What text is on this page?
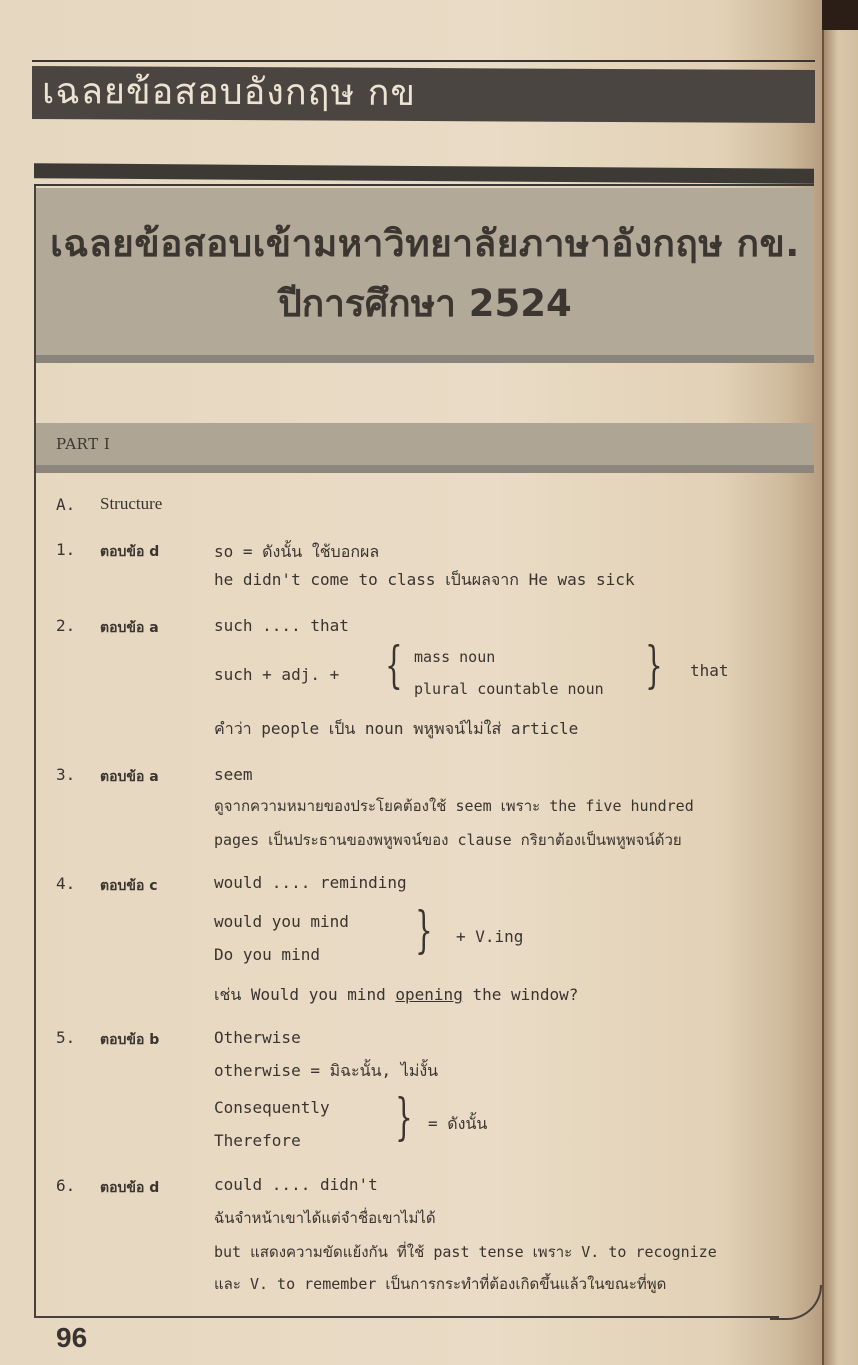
เฉลยข้อสอบอังกฤษ กข
เฉลยข้อสอบเข้ามหาวิทยาลัยภาษาอังกฤษ กข.
ปีการศึกษา 2524
PART I
A. Structure
1. ตอบข้อ d	so = ดังนั้น ใช้บอกผล
he didn't come to class เป็นผลจาก He was sick
2. ตอบข้อ a	such .... that
such + adj. + { mass noun
plural countable noun } that
คำว่า people เป็น noun พหูพจน์ไม่ใส่ article
3. ตอบข้อ a	seem
ดูจากความหมายของประโยคต้องใช้ seem เพราะ the five hundred
pages เป็นประธานของพหูพจน์ของ clause กริยาต้องเป็นพหูพจน์ด้วย
4. ตอบข้อ c	would .... reminding
would you mind
Do you mind } + V.ing
เช่น Would you mind opening the window?
5. ตอบข้อ b	Otherwise
otherwise = มิฉะนั้น, ไม่งั้น
Consequently
Therefore } = ดังนั้น
6. ตอบข้อ d	could .... didn't
ฉันจำหน้าเขาได้แต่จำชื่อเขาไม่ได้
but แสดงความขัดแย้งกัน ที่ใช้ past tense เพราะ V. to recognize
และ V. to remember เป็นการกระทำที่ต้องเกิดขึ้นแล้วในขณะที่พูด
96
